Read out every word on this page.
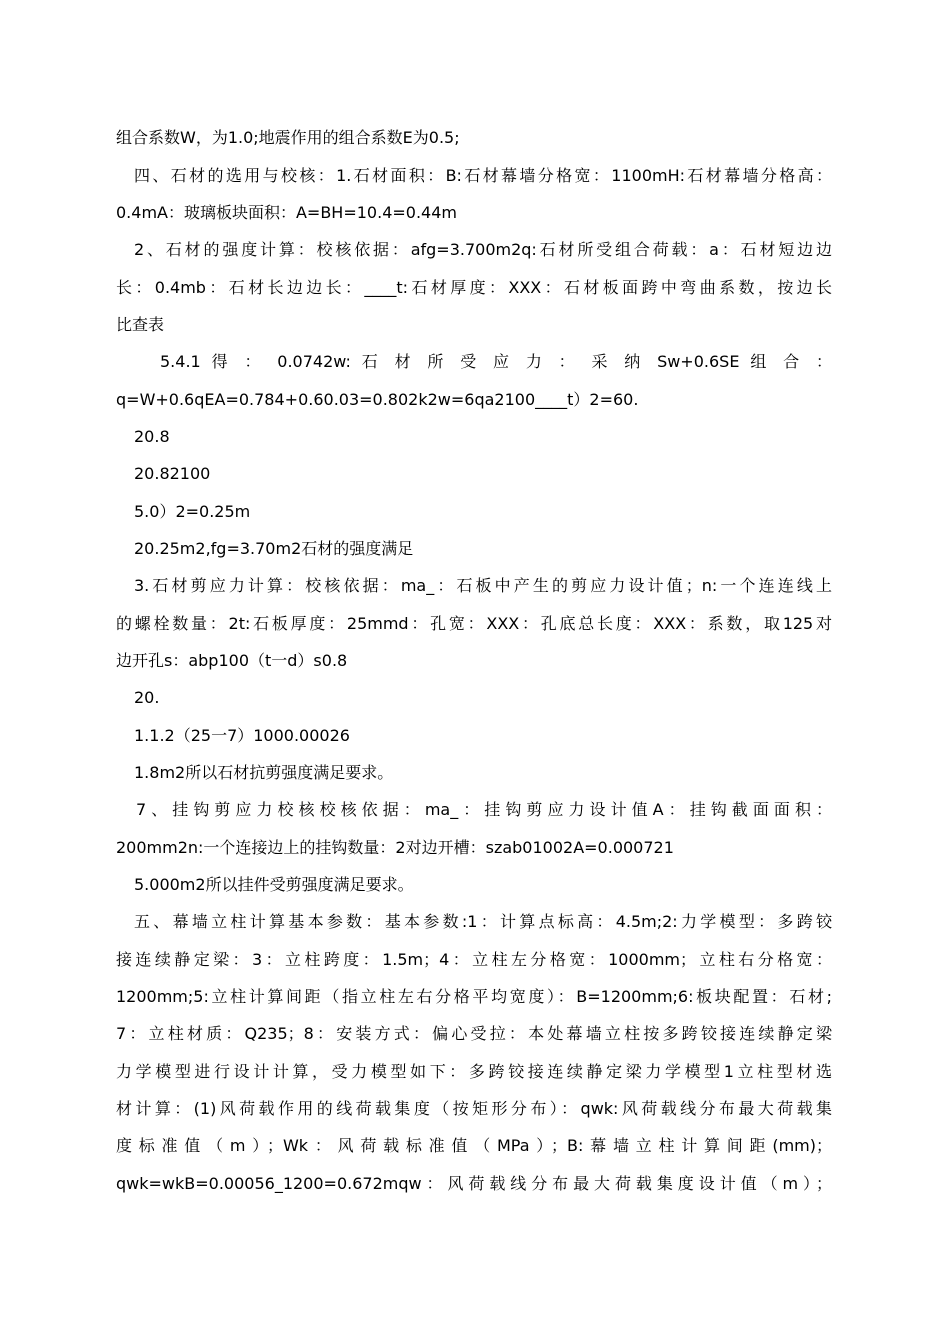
组合系数W，为1.0;地震作用的组合系数E为0.5;
四、石材的选用与校核：1.石材面积：B:石材幕墙分格宽：1100mH:石材幕墙分格高：
0.4mA：玻璃板块面积：A=BH=10.4=0.44m
2、石材的强度计算：校核依据：afg=3.700m2q:石材所受组合荷载：a：石材短边边
长：0.4mb：石材长边边长：____t:石材厚度：XXX：石材板面跨中弯曲系数，按边长
比查表
5.4.1 得 ： 0.0742w: 石 材 所 受 应 力 ： 采 纳 Sw+0.6SE 组 合 ：
q=W+0.6qEA=0.784+0.60.03=0.802k2w=6qa2100____t）2=60.
20.8
20.82100
5.0）2=0.25m
20.25m2,fg=3.70m2石材的强度满足
3.石材剪应力计算：校核依据：ma_：石板中产生的剪应力设计值；n:一个连连线上
的螺栓数量：2t:石板厚度：25mmd：孔宽：XXX：孔底总长度：XXX：系数，取125对
边开孔s：abp100（t一d）s0.8
20.
1.1.2（25一7）1000.00026
1.8m2所以石材抗剪强度满足要求。
7、挂钩剪应力校核校核依据：ma_：挂钩剪应力设计值A：挂钩截面面积：
200mm2n:一个连接边上的挂钩数量：2对边开槽：szab01002A=0.000721
5.000m2所以挂件受剪强度满足要求。
五、幕墙立柱计算基本参数：基本参数:1：计算点标高：4.5m;2:力学模型：多跨铰
接连续静定梁：3：立柱跨度：1.5m；4：立柱左分格宽：1000mm；立柱右分格宽：
1200mm;5:立柱计算间距（指立柱左右分格平均宽度）：B=1200mm;6:板块配置：石材;
7：立柱材质：Q235；8：安装方式：偏心受拉：本处幕墙立柱按多跨铰接连续静定梁
力学模型进行设计计算，受力模型如下：多跨铰接连续静定梁力学模型1立柱型材选
材计算：(1)风荷载作用的线荷载集度（按矩形分布）：qwk:风荷载线分布最大荷载集
度标准值（m）；Wk：风荷载标准值（MPa）；B:幕墙立柱计算间距(mm)；
qwk=wkB=0.00056_1200=0.672mqw：风荷载线分布最大荷载集度设计值（m）；
